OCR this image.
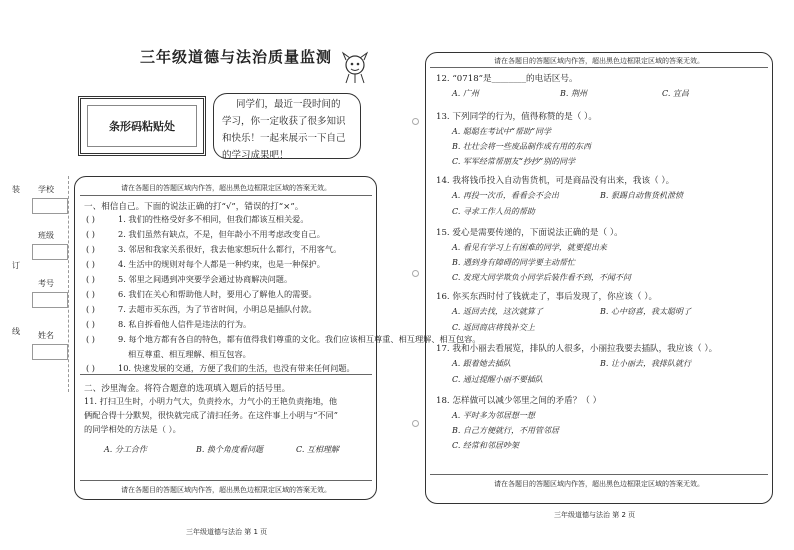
三年级道德与法治质量监测
条形码粘贴处
同学们，最近一段时间的
学习，你一定收获了很多知识
和快乐！一起来展示一下自己
的学习成果吧！
装
订
线
学校
班级
考号
姓名
请在各题目的答题区域内作答，超出黑色边框限定区域的答案无效。
一、相信自己。下面的说法正确的打“√”，错误的打“×”。
( )	1. 我们的性格受好多不相同，但我们都该互相关爱。
( )	2. 我们虽然有缺点，不是，但年龄小不用考虑改变自己。
( )	3. 邻居和我家关系很好，我去他家想玩什么都行，不用客气。
( )	4. 生活中的规则对每个人都是一种约束，也是一种保护。
( )	5. 邻里之间遇到冲突要学会通过协商解决问题。
( )	6. 我们在关心和帮助他人时，要用心了解他人的需要。
( )	7. 去超市买东西，为了节省时间，小明总是插队付款。
( )	8. 私自拆看他人信件是违法的行为。
( )	9. 每个地方都有各自的特色，都有值得我们尊重的文化。我们应该相互尊重、相互理解、相互包容。
( )	10. 快速发展的交通，方便了我们的生活，也没有带来任何问题。
相互尊重、相互理解、相互包容。
二、沙里淘金。将符合题意的选项填入题后的括号里。
11. 打扫卫生时，小明力气大，负责拎水，力气小的王艳负责拖地，他
俩配合得十分默契，很快就完成了清扫任务。在这件事上小明与“不同”
的同学相处的方法是（ ）。
A. 分工合作	B. 换个角度看问题	C. 互相理解
请在各题目的答题区域内作答，超出黑色边框限定区域的答案无效。
三年级道德与法治 第 1 页
请在各题目的答题区域内作答，超出黑色边框限定区域的答案无效。
12. “0718”是________的电话区号。
A. 广州	B. 荆州	C. 宜昌
13. 下列同学的行为，值得称赞的是（ ）。
A. 聪聪在考试中“帮助”同学
B. 壮壮会将一些废品制作成有用的东西
C. 军军经常帮朋友“抄抄”别的同学
14. 我将钱币投入自动售货机，可是商品没有出来，我该（ ）。
A. 再投一次币，看看会不会出	B. 狠踢自动售货机泄愤
C. 寻求工作人员的帮助
15. 爱心是需要传递的，下面说法正确的是（ ）。
A. 看见有学习上有困难的同学，就要提出来
B. 遇到身有障碍的同学要主动帮忙
C. 发现大同学欺负小同学后装作看不到，不闻不问
16. 你买东西时付了钱就走了，事后发现了，你应该（ ）。
A. 返回去找，这次就算了	B. 心中窃喜，我太聪明了
C. 返回商店将钱补交上
17. 我和小丽去看展览，排队的人很多，小丽拉我要去插队，我应该（ ）。
A. 跟着她去插队	B. 让小丽去，我排队就行
C. 通过提醒小丽不要插队
18. 怎样做可以减少邻里之间的矛盾？（ ）
A. 平时多为邻居想一想
B. 自己方便就行，不用管邻居
C. 经常和邻居吵架
请在各题目的答题区域内作答，超出黑色边框限定区域的答案无效。
三年级道德与法治 第 2 页
